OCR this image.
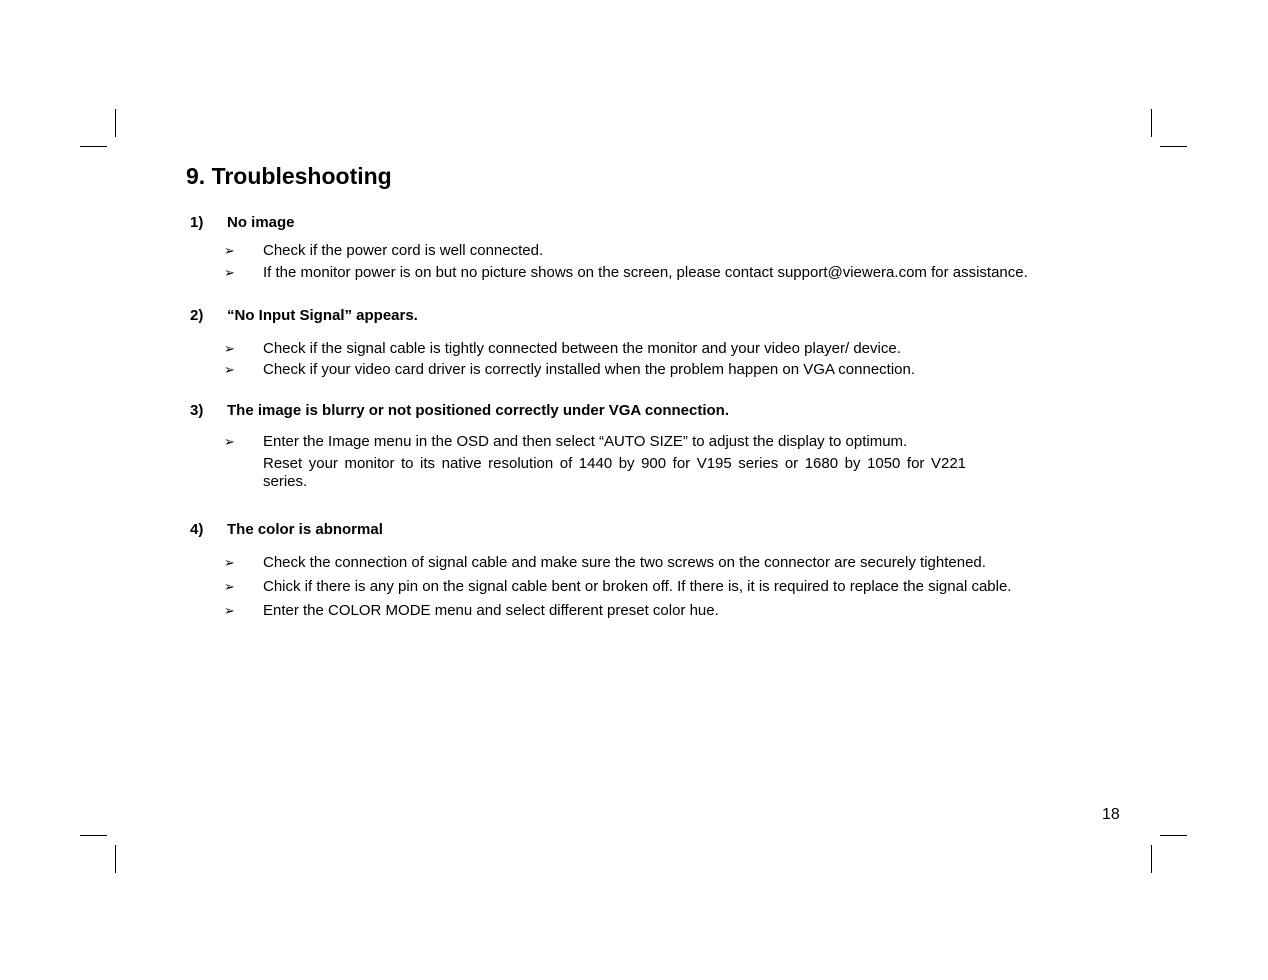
9. Troubleshooting
1) No image
➢ Check if the power cord is well connected.
➢ If the monitor power is on but no picture shows on the screen, please contact support@viewera.com for assistance.
2) “No Input Signal” appears.
➢ Check if the signal cable is tightly connected between the monitor and your video player/ device.
➢ Check if your video card driver is correctly installed when the problem happen on VGA connection.
3) The image is blurry or not positioned correctly under VGA connection.
➢ Enter the Image menu in the OSD and then select “AUTO SIZE” to adjust the display to optimum.
Reset your monitor to its native resolution of 1440 by 900 for V195 series or 1680 by 1050 for V221 series.
4) The color is abnormal
➢ Check the connection of signal cable and make sure the two screws on the connector are securely tightened.
➢ Chick if there is any pin on the signal cable bent or broken off. If there is, it is required to replace the signal cable.
➢ Enter the COLOR MODE menu and select different preset color hue.
18
